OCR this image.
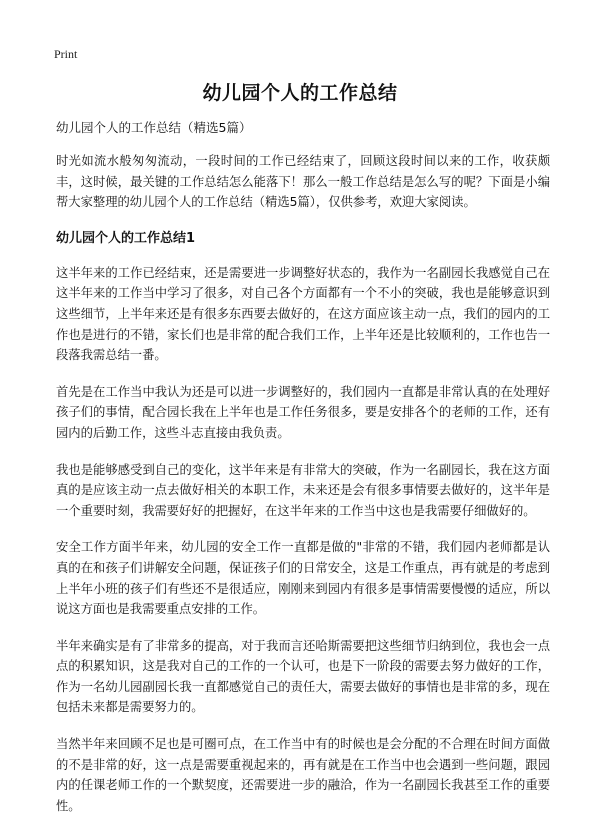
Print
幼儿园个人的工作总结

幼儿园个人的工作总结（精选5篇）

时光如流水般匆匆流动，一段时间的工作已经结束了，回顾这段时间以来的工作，收获颇丰，这时候，最关键的工作总结怎么能落下！那么一般工作总结是怎么写的呢？下面是小编帮大家整理的幼儿园个人的工作总结（精选5篇），仅供参考，欢迎大家阅读。

幼儿园个人的工作总结1

这半年来的工作已经结束，还是需要进一步调整好状态的，我作为一名副园长我感觉自己在这半年来的工作当中学习了很多，对自己各个方面都有一个不小的突破，我也是能够意识到这些细节，上半年来还是有很多东西要去做好的，在这方面应该主动一点，我们的园内的工作也是进行的不错，家长们也是非常的配合我们工作，上半年还是比较顺利的，工作也告一段落我需总结一番。

首先是在工作当中我认为还是可以进一步调整好的，我们园内一直都是非常认真的在处理好孩子们的事情，配合园长我在上半年也是工作任务很多，要是安排各个的老师的工作，还有园内的后勤工作，这些斗志直接由我负责。

我也是能够感受到自己的变化，这半年来是有非常大的突破，作为一名副园长，我在这方面真的是应该主动一点去做好相关的本职工作，未来还是会有很多事情要去做好的，这半年是一个重要时刻，我需要好好的把握好，在这半年来的工作当中这也是我需要仔细做好的。

安全工作方面半年来，幼儿园的安全工作一直都是做的"非常的不错，我们园内老师都是认真的在和孩子们讲解安全问题，保证孩子们的日常安全，这是工作重点，再有就是的考虑到上半年小班的孩子们有些还不是很适应，刚刚来到园内有很多是事情需要慢慢的适应，所以说这方面也是我需要重点安排的工作。

半年来确实是有了非常多的提高，对于我而言还哈斯需要把这些细节归纳到位，我也会一点点的积累知识，这是我对自己的工作的一个认可，也是下一阶段的需要去努力做好的工作，作为一名幼儿园副园长我一直都感觉自己的责任大，需要去做好的事情也是非常的多，现在包括未来都是需要努力的。

当然半年来回顾不足也是可圈可点，在工作当中有的时候也是会分配的不合理在时间方面做的不是非常的好，这一点是需要重视起来的，再有就是在工作当中也会遇到一些问题，跟园内的任课老师工作的一个默契度，还需要进一步的融洽，作为一名副园长我甚至工作的重要性。
